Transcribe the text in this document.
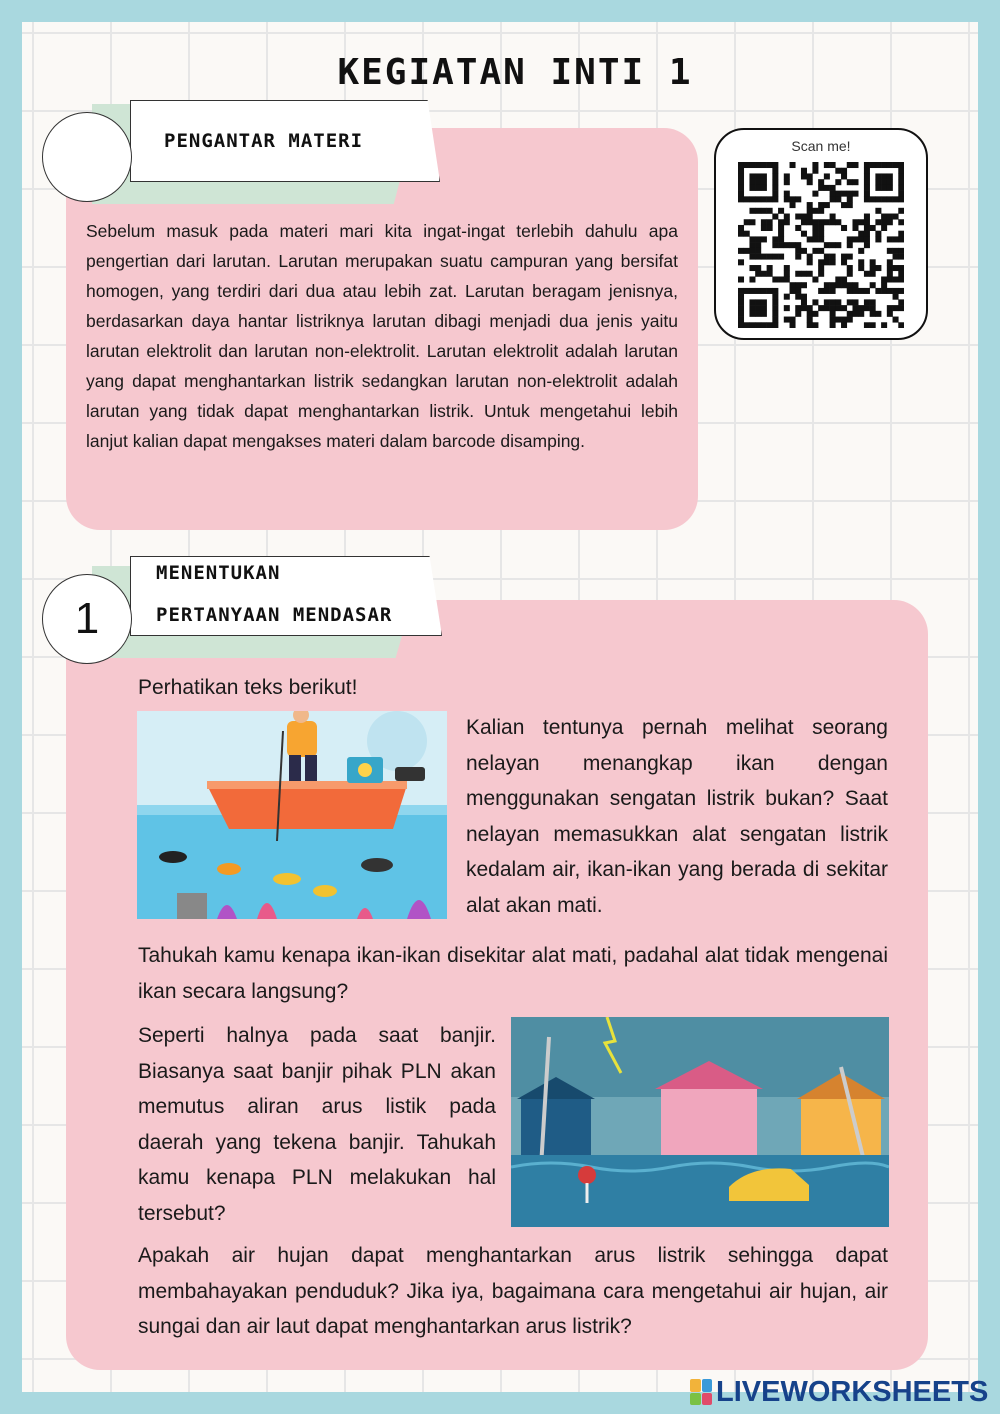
KEGIATAN INTI 1
PENGANTAR MATERI

Sebelum masuk pada materi mari kita ingat-ingat terlebih dahulu apa pengertian dari larutan. Larutan merupakan suatu campuran yang bersifat homogen, yang terdiri dari dua atau lebih zat. Larutan beragam jenisnya, berdasarkan daya hantar listriknya larutan dibagi menjadi dua jenis yaitu larutan elektrolit dan larutan non-elektrolit. Larutan elektrolit adalah larutan yang dapat menghantarkan listrik sedangkan larutan non-elektrolit adalah larutan yang tidak dapat menghantarkan listrik. Untuk mengetahui lebih lanjut kalian dapat mengakses materi dalam barcode disamping.

Scan me!
MENENTUKAN
PERTANYAAN MENDASAR
1
Perhatikan teks berikut!

Kalian tentunya pernah melihat seorang nelayan menangkap ikan dengan menggunakan sengatan listrik bukan? Saat nelayan memasukkan alat sengatan listrik kedalam air, ikan-ikan yang berada di sekitar alat akan mati.

Tahukah kamu kenapa ikan-ikan disekitar alat mati, padahal alat tidak mengenai ikan secara langsung?

Seperti halnya pada saat banjir. Biasanya saat banjir pihak PLN akan memutus aliran arus listik pada daerah yang tekena banjir. Tahukah kamu kenapa PLN melakukan hal tersebut?

Apakah air hujan dapat menghantarkan arus listrik sehingga dapat membahayakan penduduk? Jika iya, bagaimana cara mengetahui air hujan, air sungai dan air laut dapat menghantarkan arus listrik?

LIVEWORKSHEETS
